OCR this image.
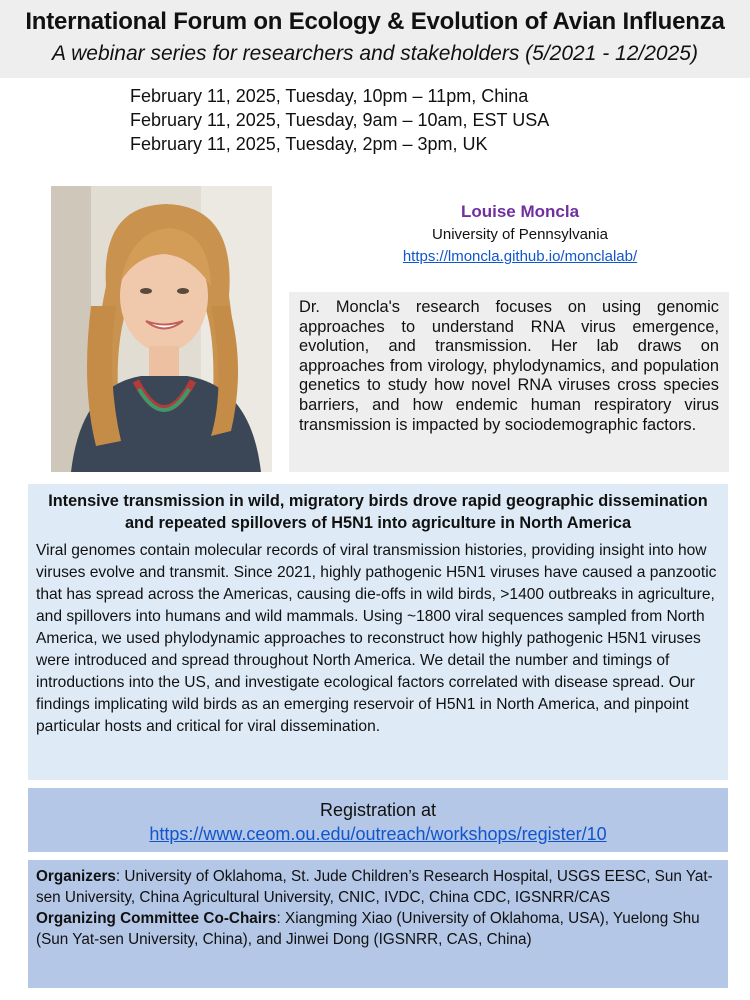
International Forum on Ecology & Evolution of Avian Influenza
A webinar series for researchers and stakeholders (5/2021 - 12/2025)
February 11, 2025, Tuesday, 10pm – 11pm, China
February 11, 2025, Tuesday, 9am – 10am, EST USA
February 11, 2025, Tuesday, 2pm – 3pm, UK
Louise Moncla
University of Pennsylvania
https://lmoncla.github.io/monclalab/
Dr. Moncla's research focuses on using genomic approaches to understand RNA virus emergence, evolution, and transmission. Her lab draws on approaches from virology, phylodynamics, and population genetics to study how novel RNA viruses cross species barriers, and how endemic human respiratory virus transmission is impacted by sociodemographic factors.
Intensive transmission in wild, migratory birds drove rapid geographic dissemination and repeated spillovers of H5N1 into agriculture in North America
Viral genomes contain molecular records of viral transmission histories, providing insight into how viruses evolve and transmit. Since 2021, highly pathogenic H5N1 viruses have caused a panzootic that has spread across the Americas, causing die-offs in wild birds, >1400 outbreaks in agriculture, and spillovers into humans and wild mammals. Using ~1800 viral sequences sampled from North America, we used phylodynamic approaches to reconstruct how highly pathogenic H5N1 viruses were introduced and spread throughout North America. We detail the number and timings of introductions into the US, and investigate ecological factors correlated with disease spread. Our findings implicating wild birds as an emerging reservoir of H5N1 in North America, and pinpoint particular hosts and critical for viral dissemination.
Registration at
https://www.ceom.ou.edu/outreach/workshops/register/10
Organizers: University of Oklahoma, St. Jude Children’s Research Hospital, USGS EESC, Sun Yat-sen University, China Agricultural University, CNIC, IVDC, China CDC, IGSNRR/CAS
Organizing Committee Co-Chairs: Xiangming Xiao (University of Oklahoma, USA), Yuelong Shu (Sun Yat-sen University, China), and Jinwei Dong (IGSNRR, CAS, China)
